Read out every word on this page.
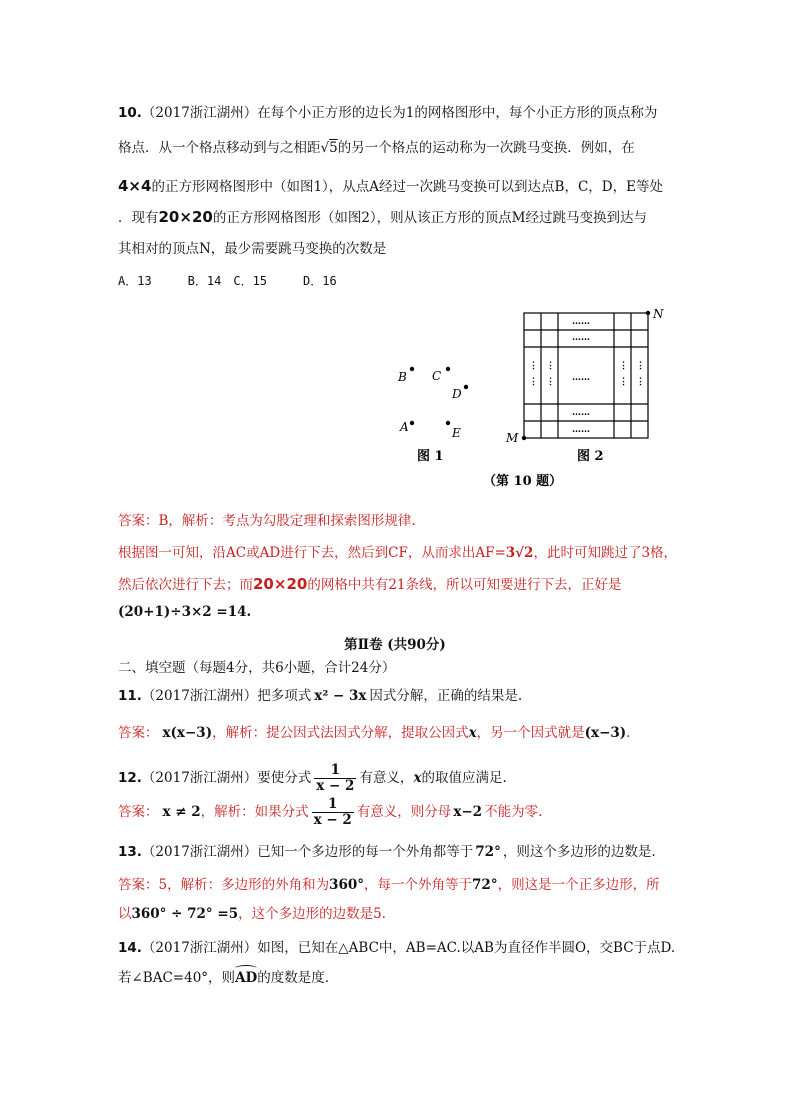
10.（2017浙江湖州）在每个小正方形的边长为1的网格图形中，每个小正方形的顶点称为
格点．从一个格点移动到与之相距√5的另一个格点的运动称为一次跳马变换．例如，在
4×4的正方形网格图形中（如图1），从点A经过一次跳马变换可以到达点B，C，D，E等处
．现有20×20的正方形网格图形（如图2），则从该正方形的顶点M经过跳马变换到达与
其相对的顶点N，最少需要跳马变换的次数是
A．13　　　B．14　C．15　　　D．16
B C
D
A	E
图 1
……
……
……
……
……
⋮
⋮
⋮
⋮
⋮
⋮
⋮
⋮
M
N
图 2
（第 10 题）
答案：B，解析：考点为勾股定理和探索图形规律.
根据图一可知，沿AC或AD进行下去，然后到CF，从而求出AF=3√2，此时可知跳过了3格，
然后依次进行下去；而20×20的网格中共有21条线，所以可知要进行下去，正好是
(20+1)÷3×2 =14.
第Ⅱ卷 (共90分)
二、填空题（每题4分，共6小题，合计24分）
11.（2017浙江湖州）把多项式 x² − 3x 因式分解，正确的结果是.
答案： x(x−3)，解析：提公因式法因式分解，提取公因式x，另一个因式就是(x−3).
12.（2017浙江湖州）要使分式 $\frac{1}{x - 2}$ 有意义，x的取值应满足.
答案： x ≠ 2，解析：如果分式 $\frac{1}{x - 2}$ 有意义，则分母 x−2 不能为零.
13.（2017浙江湖州）已知一个多边形的每一个外角都等于 72° ，则这个多边形的边数是.
答案：5，解析：多边形的外角和为360°，每一个外角等于72°，则这是一个正多边形，所
以360° ÷ 72° =5，这个多边形的边数是5.
14.（2017浙江湖州）如图，已知在△ABC中，AB=AC.以AB为直径作半圆O，交BC于点D.
若∠BAC=40°，则AD的度数是度.
